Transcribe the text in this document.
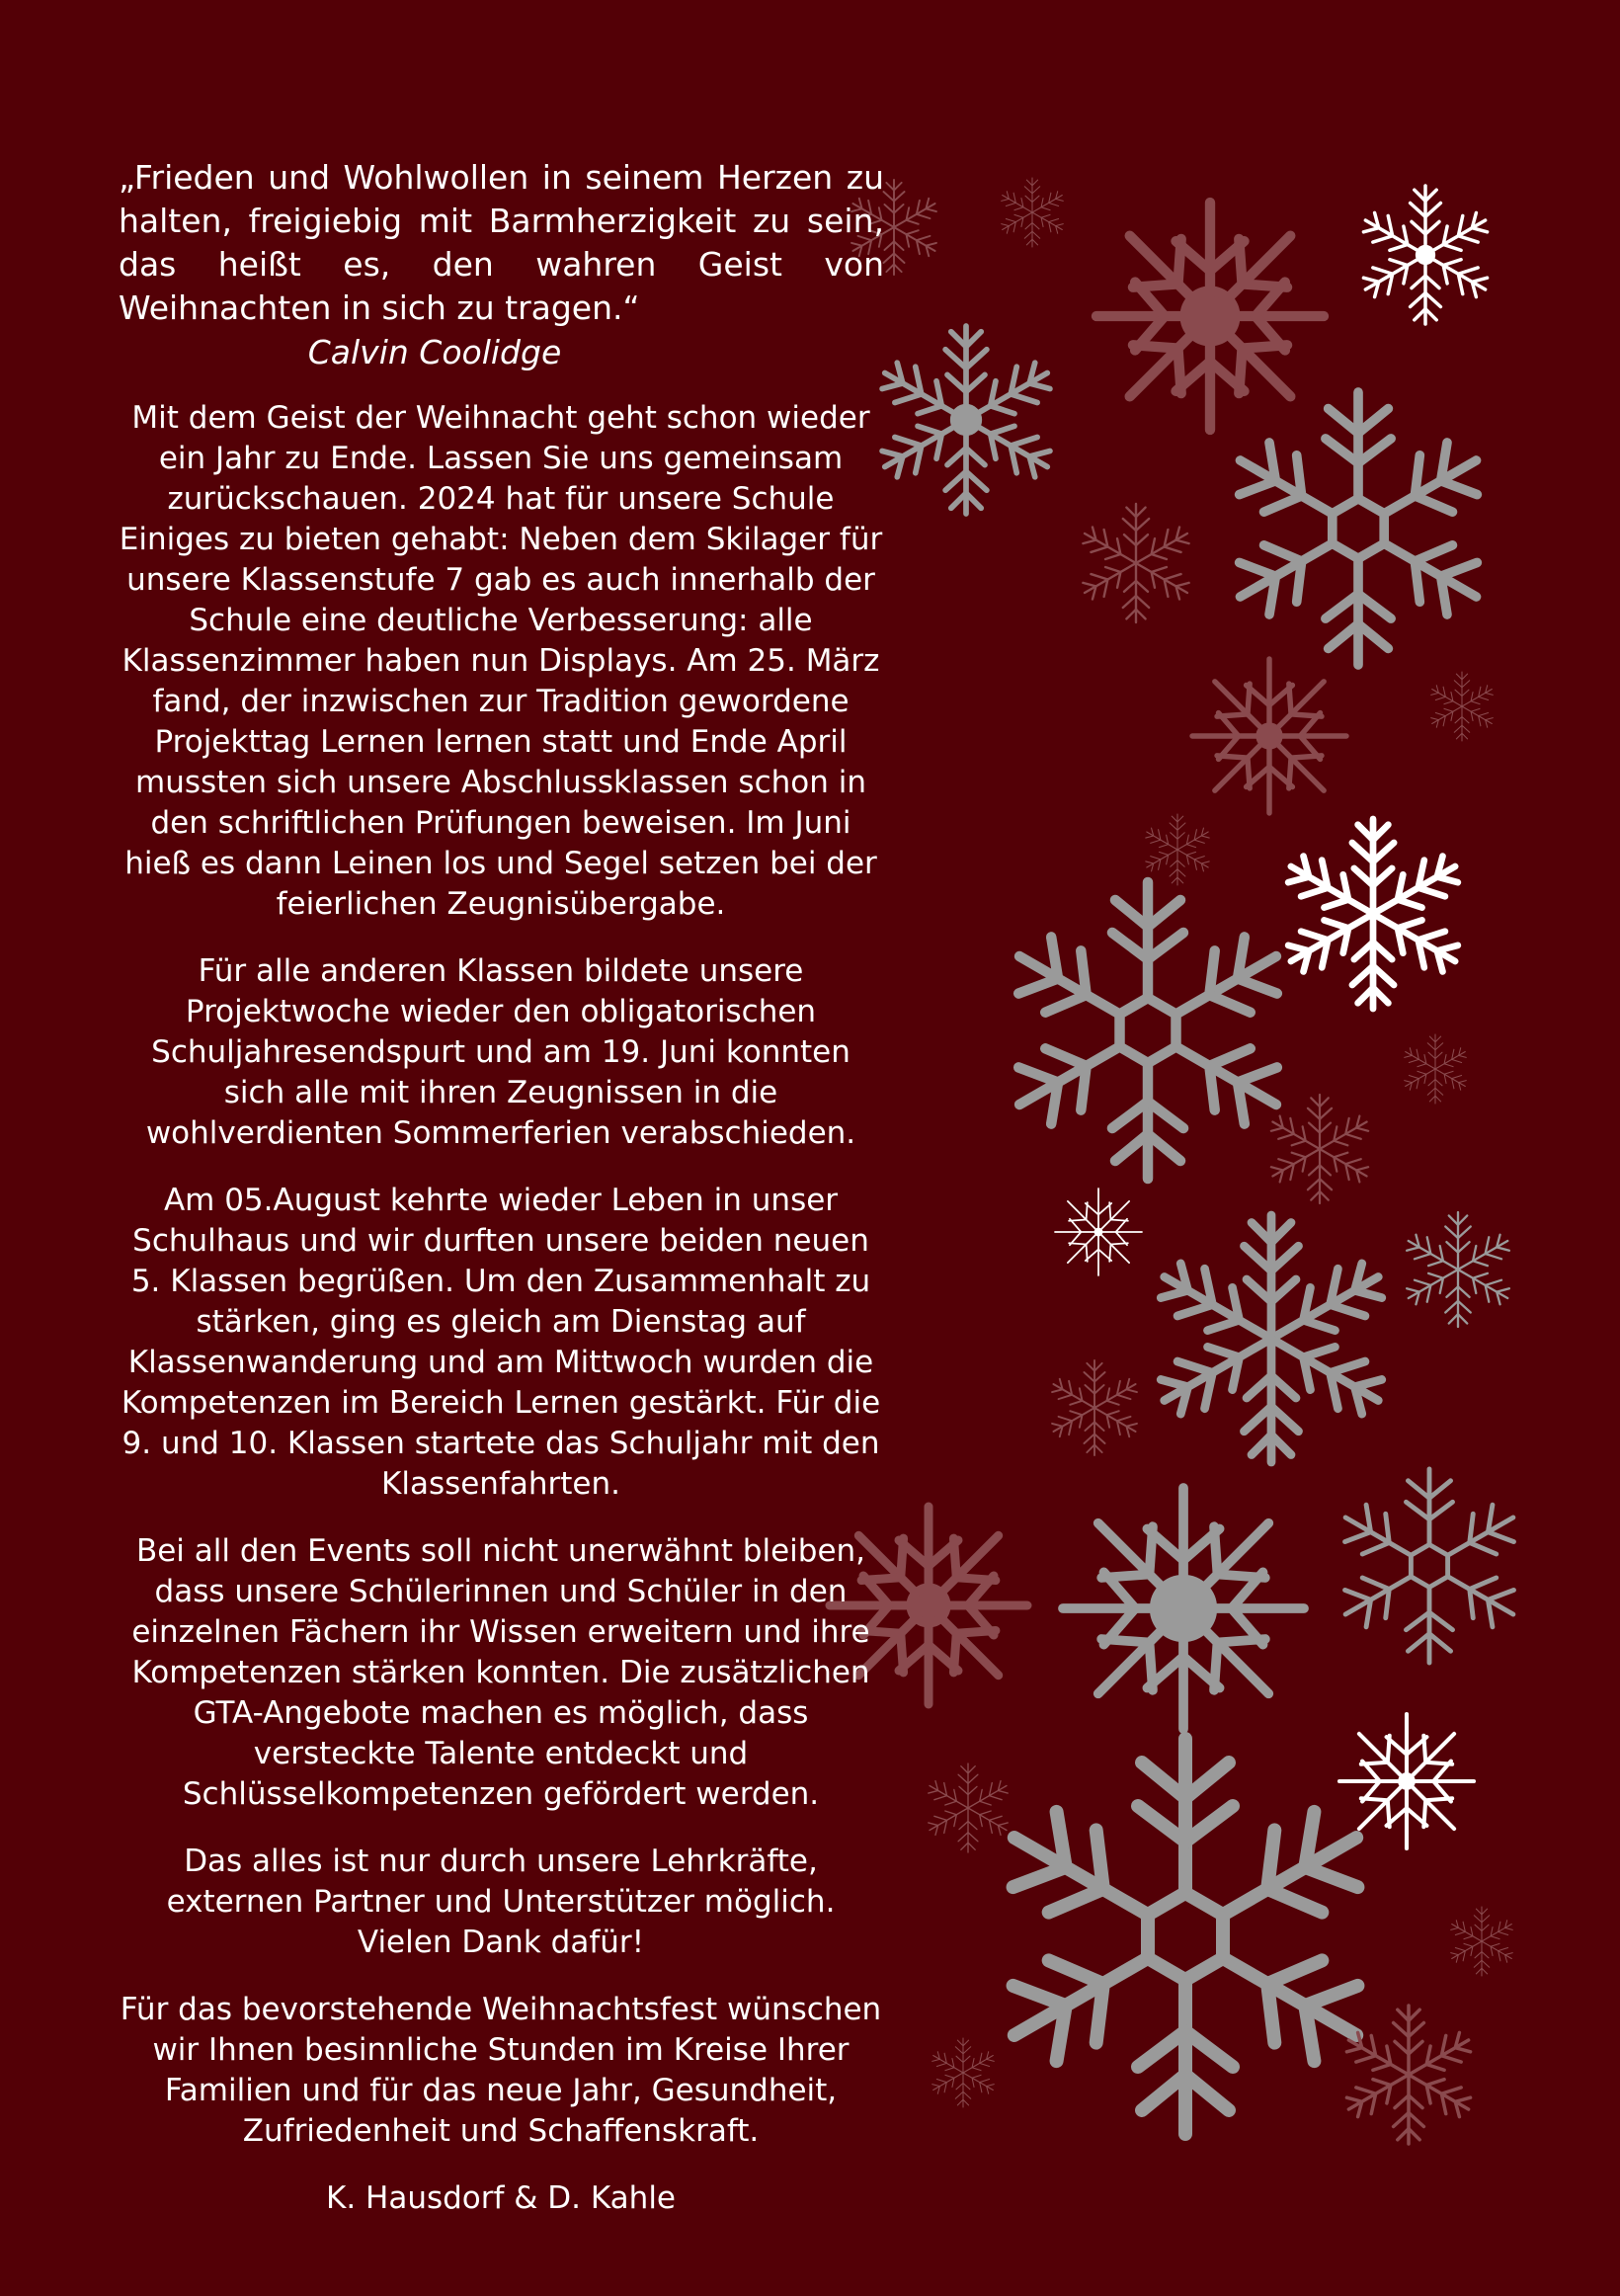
„Frieden und Wohlwollen in seinem Herzen zu halten, freigiebig mit Barmherzigkeit zu sein, das heißt es, den wahren Geist von Weihnachten in sich zu tragen.“
Calvin Coolidge

Mit dem Geist der Weihnacht geht schon wieder ein Jahr zu Ende. Lassen Sie uns gemeinsam zurückschauen. 2024 hat für unsere Schule Einiges zu bieten gehabt: Neben dem Skilager für unsere Klassenstufe 7 gab es auch innerhalb der Schule eine deutliche Verbesserung: alle Klassenzimmer haben nun Displays. Am 25. März fand, der inzwischen zur Tradition gewordene Projekttag Lernen lernen statt und Ende April mussten sich unsere Abschlussklassen schon in den schriftlichen Prüfungen beweisen. Im Juni hieß es dann Leinen los und Segel setzen bei der feierlichen Zeugnisübergabe.

Für alle anderen Klassen bildete unsere Projektwoche wieder den obligatorischen Schuljahresendspurt und am 19. Juni konnten sich alle mit ihren Zeugnissen in die wohlverdienten Sommerferien verabschieden.

Am 05.August kehrte wieder Leben in unser Schulhaus und wir durften unsere beiden neuen 5. Klassen begrüßen. Um den Zusammenhalt zu stärken, ging es gleich am Dienstag auf Klassenwanderung und am Mittwoch wurden die Kompetenzen im Bereich Lernen gestärkt. Für die 9. und 10. Klassen startete das Schuljahr mit den Klassenfahrten.

Bei all den Events soll nicht unerwähnt bleiben, dass unsere Schülerinnen und Schüler in den einzelnen Fächern ihr Wissen erweitern und ihre Kompetenzen stärken konnten. Die zusätzlichen GTA-Angebote machen es möglich, dass versteckte Talente entdeckt und Schlüsselkompetenzen gefördert werden.

Das alles ist nur durch unsere Lehrkräfte, externen Partner und Unterstützer möglich. Vielen Dank dafür!

Für das bevorstehende Weihnachtsfest wünschen wir Ihnen besinnliche Stunden im Kreise Ihrer Familien und für das neue Jahr, Gesundheit, Zufriedenheit und Schaffenskraft.

K. Hausdorf & D. Kahle
